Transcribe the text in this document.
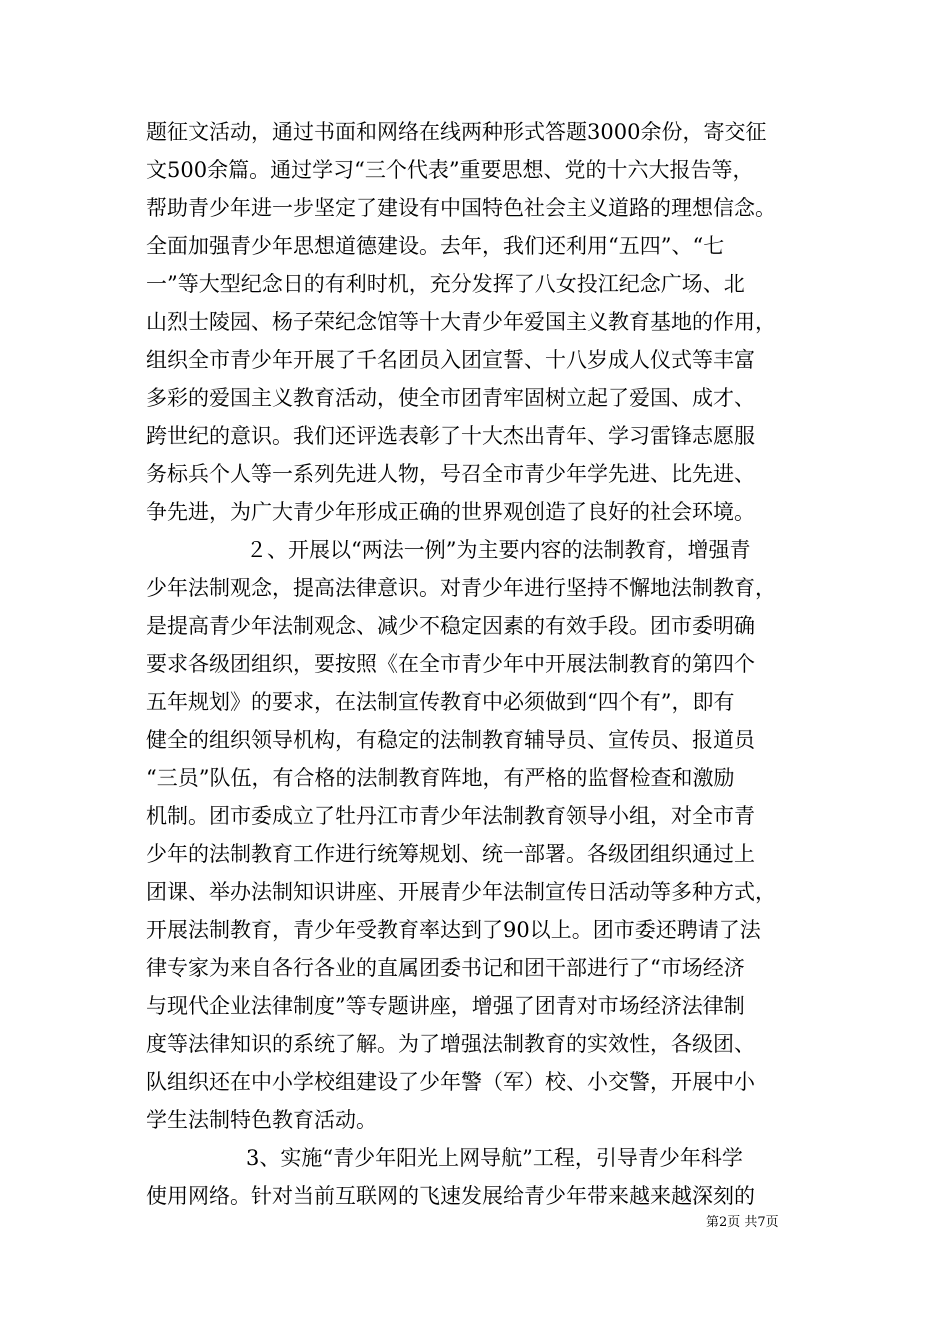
题征文活动，通过书面和网络在线两种形式答题3000余份，寄交征
文500余篇。通过学习“三个代表”重要思想、党的十六大报告等，
帮助青少年进一步坚定了建设有中国特色社会主义道路的理想信念。
全面加强青少年思想道德建设。去年，我们还利用“五四”、“七
一”等大型纪念日的有利时机，充分发挥了八女投江纪念广场、北
山烈士陵园、杨子荣纪念馆等十大青少年爱国主义教育基地的作用，
组织全市青少年开展了千名团员入团宣誓、十八岁成人仪式等丰富
多彩的爱国主义教育活动，使全市团青牢固树立起了爱国、成才、
跨世纪的意识。我们还评选表彰了十大杰出青年、学习雷锋志愿服
务标兵个人等一系列先进人物，号召全市青少年学先进、比先进、
争先进，为广大青少年形成正确的世界观创造了良好的社会环境。
２、开展以“两法一例”为主要内容的法制教育，增强青
少年法制观念，提高法律意识。对青少年进行坚持不懈地法制教育，
是提高青少年法制观念、减少不稳定因素的有效手段。团市委明确
要求各级团组织，要按照《在全市青少年中开展法制教育的第四个
五年规划》的要求，在法制宣传教育中必须做到“四个有”，即有
健全的组织领导机构，有稳定的法制教育辅导员、宣传员、报道员
“三员”队伍，有合格的法制教育阵地，有严格的监督检查和激励
机制。团市委成立了牡丹江市青少年法制教育领导小组，对全市青
少年的法制教育工作进行统筹规划、统一部署。各级团组织通过上
团课、举办法制知识讲座、开展青少年法制宣传日活动等多种方式，
开展法制教育，青少年受教育率达到了90以上。团市委还聘请了法
律专家为来自各行各业的直属团委书记和团干部进行了“市场经济
与现代企业法律制度”等专题讲座，增强了团青对市场经济法律制
度等法律知识的系统了解。为了增强法制教育的实效性，各级团、
队组织还在中小学校组建设了少年警（军）校、小交警，开展中小
学生法制特色教育活动。
3、实施“青少年阳光上网导航”工程，引导青少年科学
使用网络。针对当前互联网的飞速发展给青少年带来越来越深刻的
第2页 共7页
